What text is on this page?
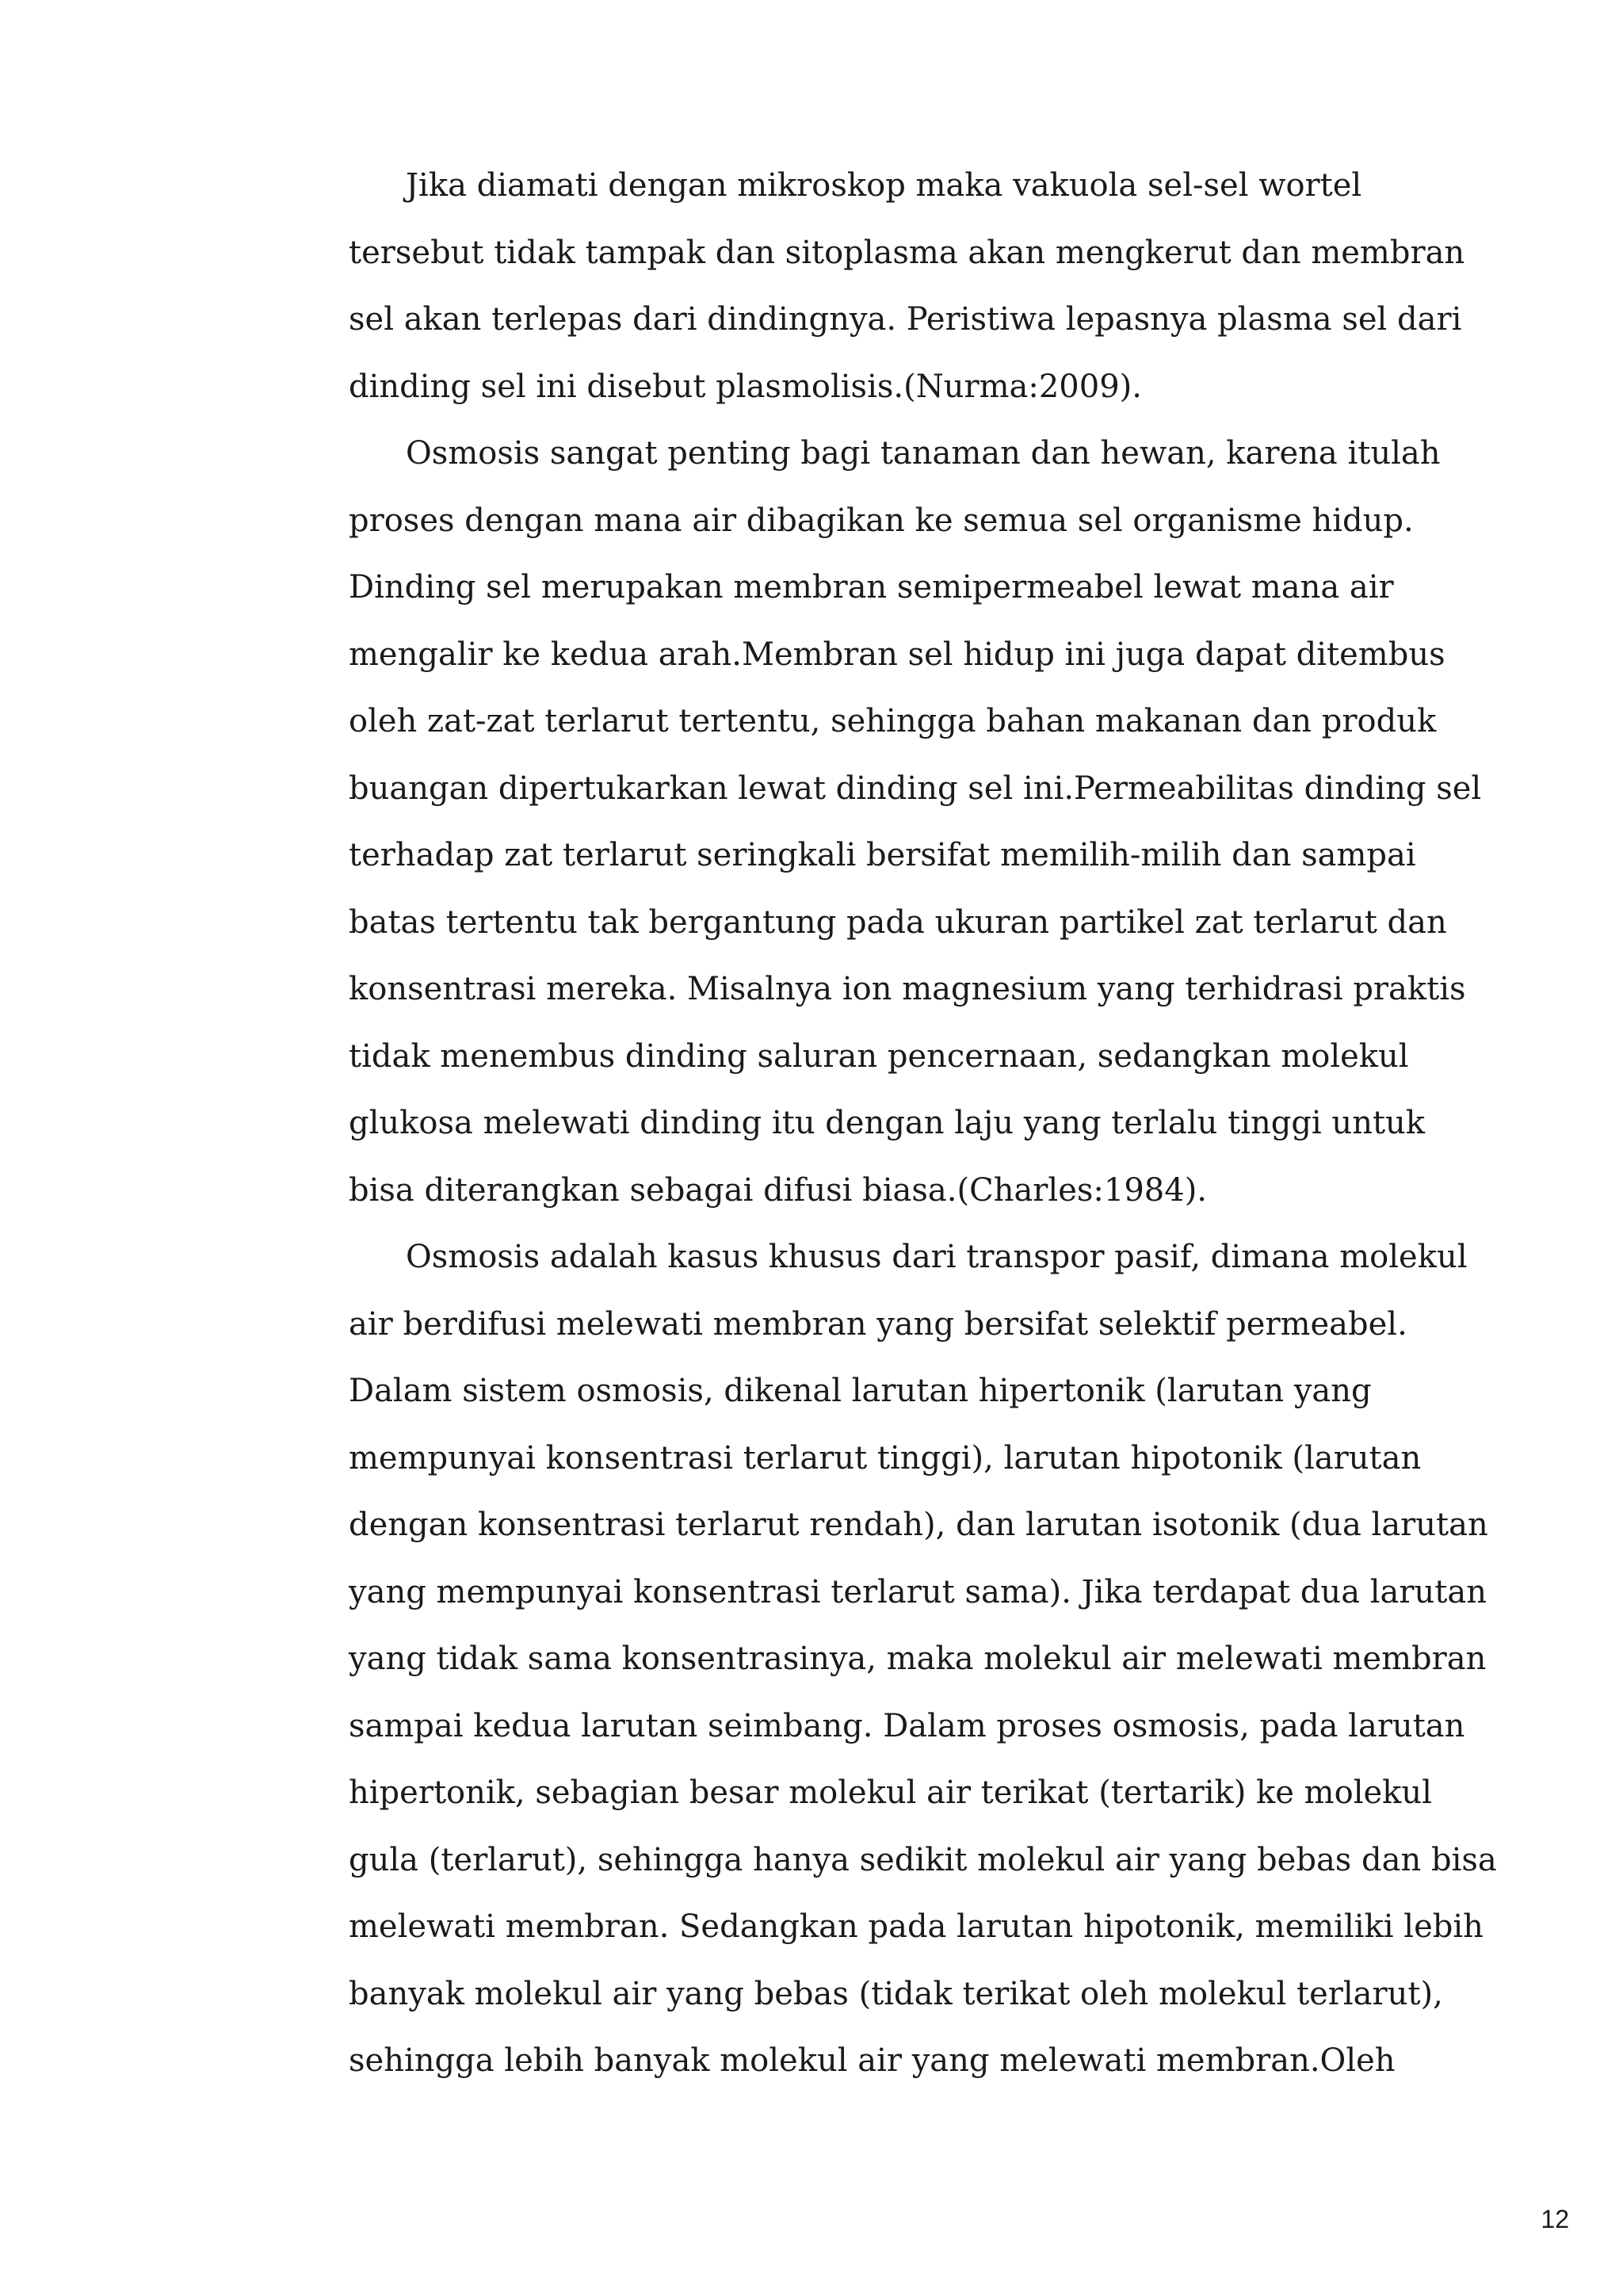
Jika diamati dengan mikroskop maka vakuola sel-sel wortel
tersebut tidak tampak dan sitoplasma akan mengkerut dan membran
sel akan terlepas dari dindingnya. Peristiwa lepasnya plasma sel dari
dinding sel ini disebut plasmolisis.(Nurma:2009).

Osmosis sangat penting bagi tanaman dan hewan, karena itulah
proses dengan mana air dibagikan ke semua sel organisme hidup.
Dinding sel merupakan membran semipermeabel lewat mana air
mengalir ke kedua arah.Membran sel hidup ini juga dapat ditembus
oleh zat-zat terlarut tertentu, sehingga bahan makanan dan produk
buangan dipertukarkan lewat dinding sel ini.Permeabilitas dinding sel
terhadap zat terlarut seringkali bersifat memilih-milih dan sampai
batas tertentu tak bergantung pada ukuran partikel zat terlarut dan
konsentrasi mereka. Misalnya ion magnesium yang terhidrasi praktis
tidak menembus dinding saluran pencernaan, sedangkan molekul
glukosa melewati dinding itu dengan laju yang terlalu tinggi untuk
bisa diterangkan sebagai difusi biasa.(Charles:1984).

Osmosis adalah kasus khusus dari transpor pasif, dimana molekul
air berdifusi melewati membran yang bersifat selektif permeabel.
Dalam sistem osmosis, dikenal larutan hipertonik (larutan yang
mempunyai konsentrasi terlarut tinggi), larutan hipotonik (larutan
dengan konsentrasi terlarut rendah), dan larutan isotonik (dua larutan
yang mempunyai konsentrasi terlarut sama). Jika terdapat dua larutan
yang tidak sama konsentrasinya, maka molekul air melewati membran
sampai kedua larutan seimbang. Dalam proses osmosis, pada larutan
hipertonik, sebagian besar molekul air terikat (tertarik) ke molekul
gula (terlarut), sehingga hanya sedikit molekul air yang bebas dan bisa
melewati membran. Sedangkan pada larutan hipotonik, memiliki lebih
banyak molekul air yang bebas (tidak terikat oleh molekul terlarut),
sehingga lebih banyak molekul air yang melewati membran.Oleh

12
